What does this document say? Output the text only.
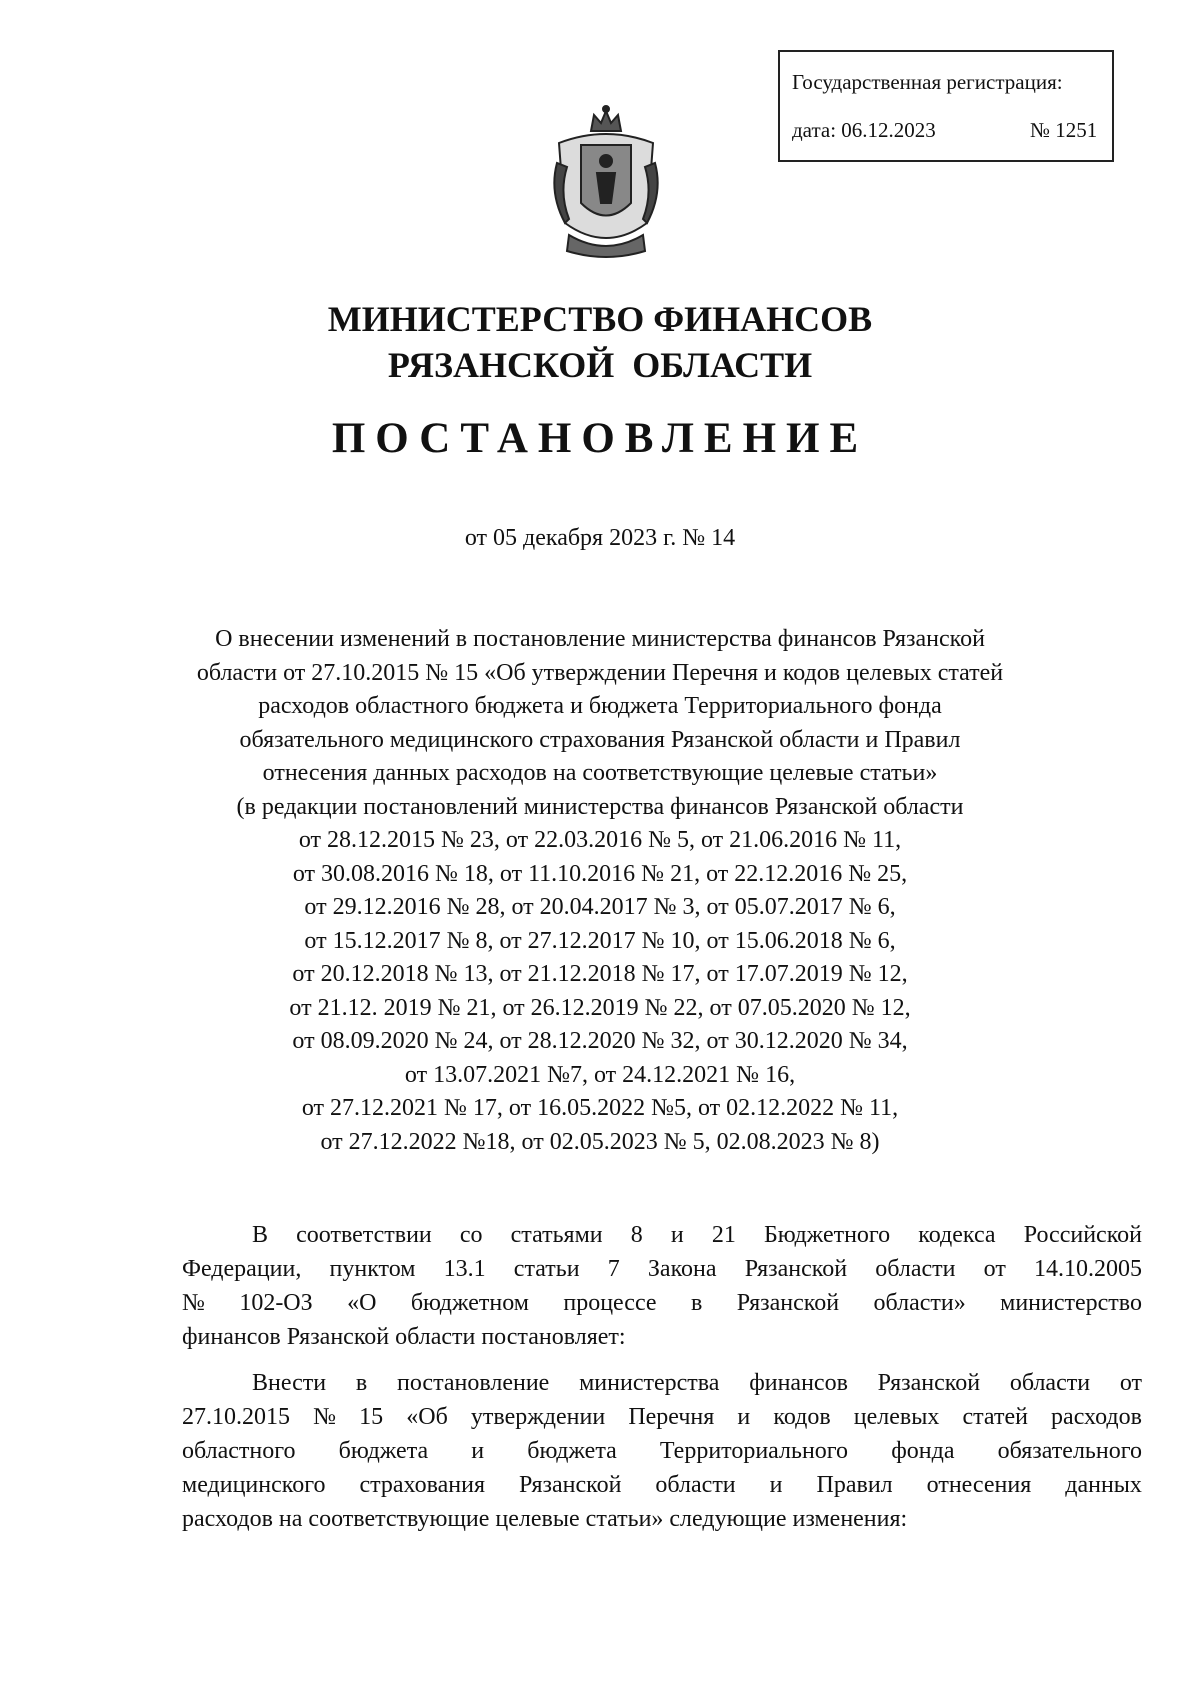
Государственная регистрация:
дата: 06.12.2023	№ 1251
МИНИСТЕРСТВО ФИНАНСОВ
РЯЗАНСКОЙ  ОБЛАСТИ
ПОСТАНОВЛЕНИЕ
от 05 декабря 2023 г. № 14
О внесении изменений в постановление министерства финансов Рязанской
области от 27.10.2015 № 15 «Об утверждении Перечня и кодов целевых статей
расходов областного бюджета и бюджета Территориального фонда
обязательного медицинского страхования Рязанской области и Правил
отнесения данных расходов на соответствующие целевые статьи»
(в редакции постановлений министерства финансов Рязанской области
от 28.12.2015 № 23, от 22.03.2016 № 5, от 21.06.2016 № 11,
от 30.08.2016 № 18, от 11.10.2016 № 21, от 22.12.2016 № 25,
от 29.12.2016 № 28, от 20.04.2017 № 3, от 05.07.2017 № 6,
от 15.12.2017 № 8, от 27.12.2017 № 10, от 15.06.2018 № 6,
от 20.12.2018 № 13, от 21.12.2018 № 17, от 17.07.2019 № 12,
от 21.12. 2019 № 21, от 26.12.2019 № 22, от 07.05.2020 № 12,
от 08.09.2020 № 24, от 28.12.2020 № 32, от 30.12.2020 № 34,
от 13.07.2021 №7, от 24.12.2021 № 16,
от 27.12.2021 № 17, от 16.05.2022 №5, от 02.12.2022 № 11,
от 27.12.2022 №18, от 02.05.2023 № 5, 02.08.2023 № 8)
В соответствии со статьями 8 и 21 Бюджетного кодекса Российской
Федерации, пунктом 13.1 статьи 7 Закона Рязанской области от 14.10.2005
№ 102-ОЗ «О бюджетном процессе в Рязанской области» министерство
финансов Рязанской области постановляет:
Внести в постановление министерства финансов Рязанской области от
27.10.2015 № 15 «Об утверждении Перечня и кодов целевых статей расходов
областного бюджета и бюджета Территориального фонда обязательного
медицинского страхования Рязанской области и Правил отнесения данных
расходов на соответствующие целевые статьи» следующие изменения:
